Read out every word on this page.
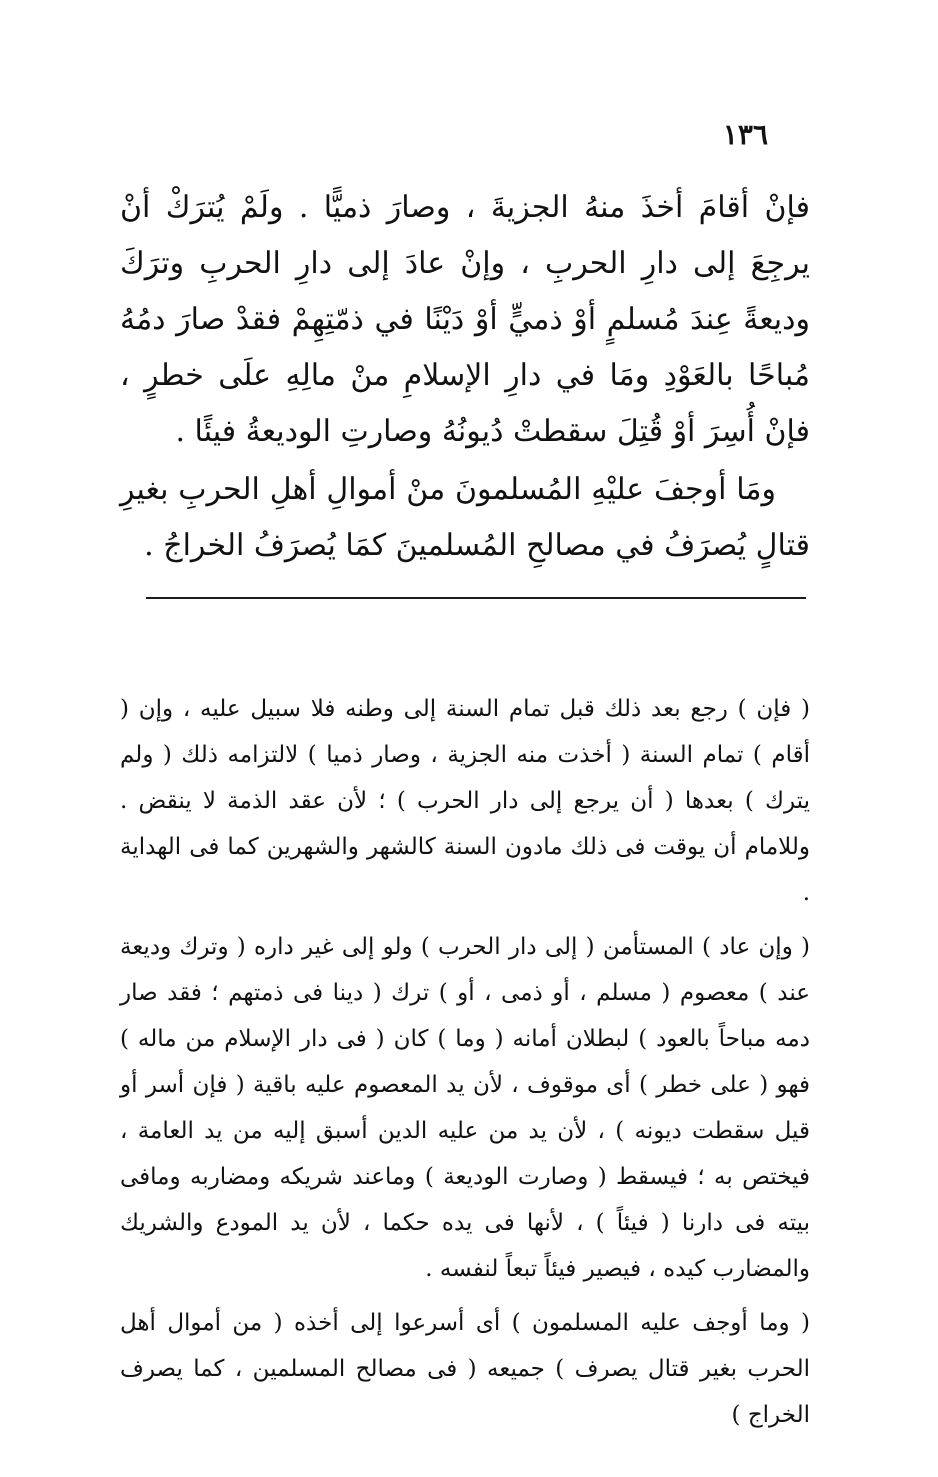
١٣٦

فإنْ أقامَ أخذَ منهُ الجزيةَ ، وصارَ ذميًّا . ولَمْ يُترَكْ أنْ يرجِعَ إلى دارِ الحربِ ، وإنْ عادَ إلى دارِ الحربِ وترَكَ وديعةً عِندَ مُسلمٍ أوْ ذميٍّ أوْ دَيْنًا في ذمّتِهِمْ فقدْ صارَ دمُهُ مُباحًا بالعَوْدِ ومَا في دارِ الإسلامِ منْ مالِهِ علَى خطرٍ ، فإنْ أُسِرَ أوْ قُتِلَ سقطتْ دُيونُهُ وصارتِ الوديعةُ فيئًا .

ومَا أوجفَ عليْهِ المُسلمونَ منْ أموالِ أهلِ الحربِ بغيرِ قتالٍ يُصرَفُ في مصالحِ المُسلمينَ كمَا يُصرَفُ الخراجُ .

( فإن ) رجع بعد ذلك قبل تمام السنة إلى وطنه فلا سبيل عليه ، وإن ( أقام ) تمام السنة ( أخذت منه الجزية ، وصار ذميا ) لالتزامه ذلك ( ولم يترك ) بعدها ( أن يرجع إلى دار الحرب ) ؛ لأن عقد الذمة لا ينقض . وللامام أن يوقت فى ذلك مادون السنة كالشهر والشهرين كما فى الهداية .

( وإن عاد ) المستأمن ( إلى دار الحرب ) ولو إلى غير داره ( وترك وديعة عند ) معصوم ( مسلم ، أو ذمى ، أو ) ترك ( دينا فى ذمتهم ؛ فقد صار دمه مباحاً بالعود ) لبطلان أمانه ( وما ) كان ( فى دار الإسلام من ماله ) فهو ( على خطر ) أى موقوف ، لأن يد المعصوم عليه باقية ( فإن أسر أو قيل سقطت ديونه ) ، لأن يد من عليه الدين أسبق إليه من يد العامة ، فيختص به ؛ فيسقط ( وصارت الوديعة ) وماعند شريكه ومضاربه ومافى بيته فى دارنا ( فيئاً ) ، لأنها فى يده حكما ، لأن يد المودع والشريك والمضارب كيده ، فيصير فيئاً تبعاً لنفسه .

( وما أوجف عليه المسلمون ) أى أسرعوا إلى أخذه ( من أموال أهل الحرب بغير قتال يصرف ) جميعه ( فى مصالح المسلمين ، كما يصرف الخراج )
